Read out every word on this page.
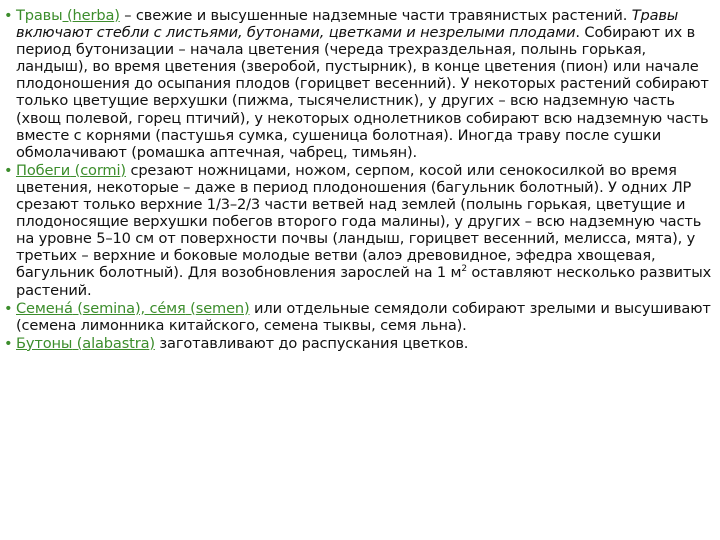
• Травы (herba) – свежие и высушенные надземные части травянистых растений. Травы включают стебли с листьями, бутонами, цветками и незрелыми плодами. Собирают их в период бутонизации – начала цветения (череда трехраздельная, полынь горькая, ландыш), во время цветения (зверобой, пустырник), в конце цветения (пион) или начале плодоношения до осыпания плодов (горицвет весенний). У некоторых растений собирают только цветущие верхушки (пижма, тысячелистник), у других – всю надземную часть (хвощ полевой, горец птичий), у некоторых однолетников собирают всю надземную часть вместе с корнями (пастушья сумка, сушеница болотная). Иногда траву после сушки обмолачивают (ромашка аптечная, чабрец, тимьян).

• Побеги (cormi) срезают ножницами, ножом, серпом, косой или сенокосилкой во время цветения, некоторые – даже в период плодоношения (багульник болотный). У одних ЛР срезают только верхние 1/3–2/3 части ветвей над землей (полынь горькая, цветущие и плодоносящие верхушки побегов второго года малины), у других – всю надземную часть на уровне 5–10 см от поверхности почвы (ландыш, горицвет весенний, мелисса, мята), у третьих – верхние и боковые молодые ветви (алоэ древовидное, эфедра хвощевая, багульник болотный). Для возобновления зарослей на 1 $м^2$ оставляют несколько развитых растений.

• Семена́ (semina), се́мя (semen) или отдельные семядоли собирают зрелыми и высушивают (семена лимонника китайского, семена тыквы, семя льна).

• Бутоны (alabastra) заготавливают до распускания цветков.
